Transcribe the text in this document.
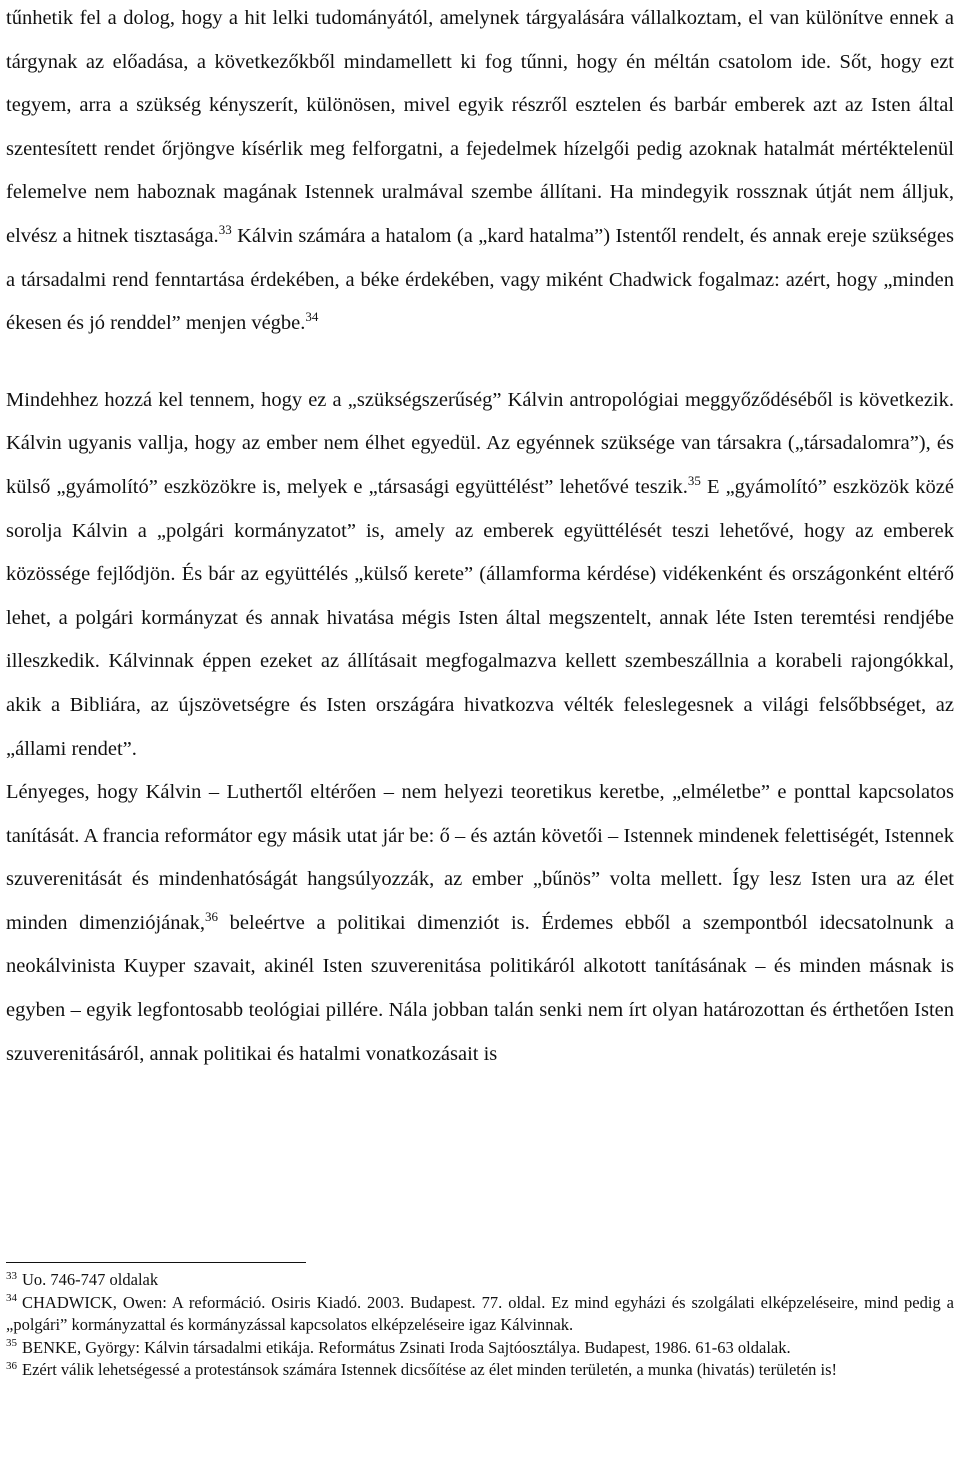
tűnhetik fel a dolog, hogy a hit lelki tudományától, amelynek tárgyalására vállalkoztam, el van különítve ennek a tárgynak az előadása, a következőkből mindamellett ki fog tűnni, hogy én méltán csatolom ide. Sőt, hogy ezt tegyem, arra a szükség kényszerít, különösen, mivel egyik részről esztelen és barbár emberek azt az Isten által szentesített rendet őrjöngve kísérlik meg felforgatni, a fejedelmek hízelgői pedig azoknak hatalmát mértéktelenül felemelve nem haboznak magának Istennek uralmával szembe állítani. Ha mindegyik rossznak útját nem álljuk, elvész a hitnek tisztasága.$^{33}$ Kálvin számára a hatalom (a „kard hatalma”) Istentől rendelt, és annak ereje szükséges a társadalmi rend fenntartása érdekében, a béke érdekében, vagy miként Chadwick fogalmaz: azért, hogy „minden ékesen és jó renddel” menjen végbe.$^{34}$

Mindehhez hozzá kel tennem, hogy ez a „szükségszerűség” Kálvin antropológiai meggyőződéséből is következik. Kálvin ugyanis vallja, hogy az ember nem élhet egyedül. Az egyénnek szüksége van társakra („társadalomra”), és külső „gyámolító” eszközökre is, melyek e „társasági együttélést” lehetővé teszik.$^{35}$ E „gyámolító” eszközök közé sorolja Kálvin a „polgári kormányzatot” is, amely az emberek együttélését teszi lehetővé, hogy az emberek közössége fejlődjön. És bár az együttélés „külső kerete” (államforma kérdése) vidékenként és országonként eltérő lehet, a polgári kormányzat és annak hivatása mégis Isten által megszentelt, annak léte Isten teremtési rendjébe illeszkedik. Kálvinnak éppen ezeket az állításait megfogalmazva kellett szembeszállnia a korabeli rajongókkal, akik a Bibliára, az újszövetségre és Isten országára hivatkozva vélték feleslegesnek a világi felsőbbséget, az „állami rendet”.

Lényeges, hogy Kálvin – Luthertől eltérően – nem helyezi teoretikus keretbe, „elméletbe” e ponttal kapcsolatos tanítását. A francia reformátor egy másik utat jár be: ő – és aztán követői – Istennek mindenek felettiségét, Istennek szuverenitását és mindenhatóságát hangsúlyozzák, az ember „bűnös” volta mellett. Így lesz Isten ura az élet minden dimenziójának,$^{36}$ beleértve a politikai dimenziót is. Érdemes ebből a szempontból idecsatolnunk a neokálvinista Kuyper szavait, akinél Isten szuverenitása politikáról alkotott tanításának – és minden másnak is egyben – egyik legfontosabb teológiai pillére. Nála jobban talán senki nem írt olyan határozottan és érthetően Isten szuverenitásáról, annak politikai és hatalmi vonatkozásait is

$^{33}$ Uo. 746-747 oldalak

$^{34}$ CHADWICK, Owen: A reformáció. Osiris Kiadó. 2003. Budapest. 77. oldal. Ez mind egyházi és szolgálati elképzeléseire, mind pedig a „polgári” kormányzattal és kormányzással kapcsolatos elképzeléseire igaz Kálvinnak.

$^{35}$ BENKE, György: Kálvin társadalmi etikája. Református Zsinati Iroda Sajtóosztálya. Budapest, 1986. 61-63 oldalak.

$^{36}$ Ezért válik lehetségessé a protestánsok számára Istennek dicsőítése az élet minden területén, a munka (hivatás) területén is!
